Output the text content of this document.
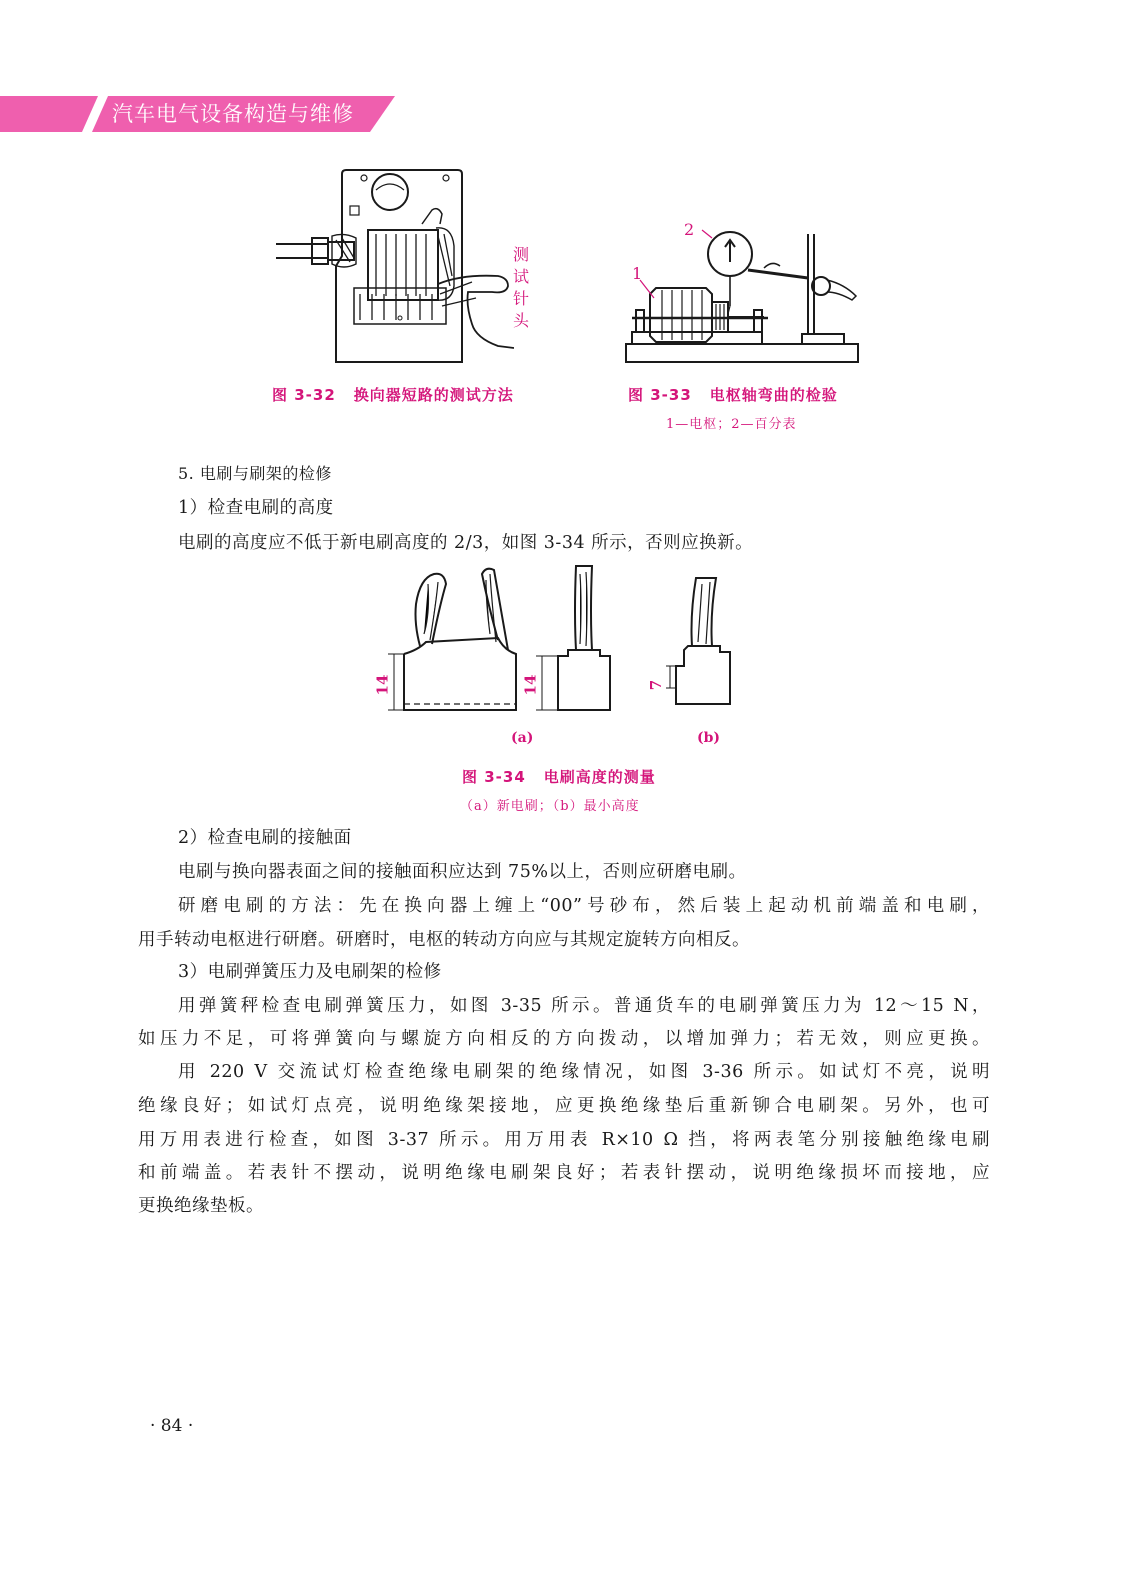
汽车电气设备构造与维修
测
试
针
头
图 3-32 换向器短路的测试方法
2
1
图 3-33 电枢轴弯曲的检验
1—电枢；2—百分表
5. 电刷与刷架的检修
1）检查电刷的高度
电刷的高度应不低于新电刷高度的 2/3，如图 3-34 所示，否则应换新。
14	14	7
(a)	(b)
图 3-34 电刷高度的测量
（a）新电刷；（b）最小高度
2）检查电刷的接触面
电刷与换向器表面之间的接触面积应达到 75%以上，否则应研磨电刷。
研磨电刷的方法：先在换向器上缠上“00”号砂布，然后装上起动机前端盖和电刷，
用手转动电枢进行研磨。研磨时，电枢的转动方向应与其规定旋转方向相反。
3）电刷弹簧压力及电刷架的检修
用弹簧秤检查电刷弹簧压力，如图 3-35 所示。普通货车的电刷弹簧压力为 12～15 N，
如压力不足，可将弹簧向与螺旋方向相反的方向拨动，以增加弹力；若无效，则应更换。
用 220 V 交流试灯检查绝缘电刷架的绝缘情况，如图 3-36 所示。如试灯不亮，说明
绝缘良好；如试灯点亮，说明绝缘架接地，应更换绝缘垫后重新铆合电刷架。另外，也可
用万用表进行检查，如图 3-37 所示。用万用表 R×10 Ω 挡，将两表笔分别接触绝缘电刷
和前端盖。若表针不摆动，说明绝缘电刷架良好；若表针摆动，说明绝缘损坏而接地，应
更换绝缘垫板。
· 84 ·
